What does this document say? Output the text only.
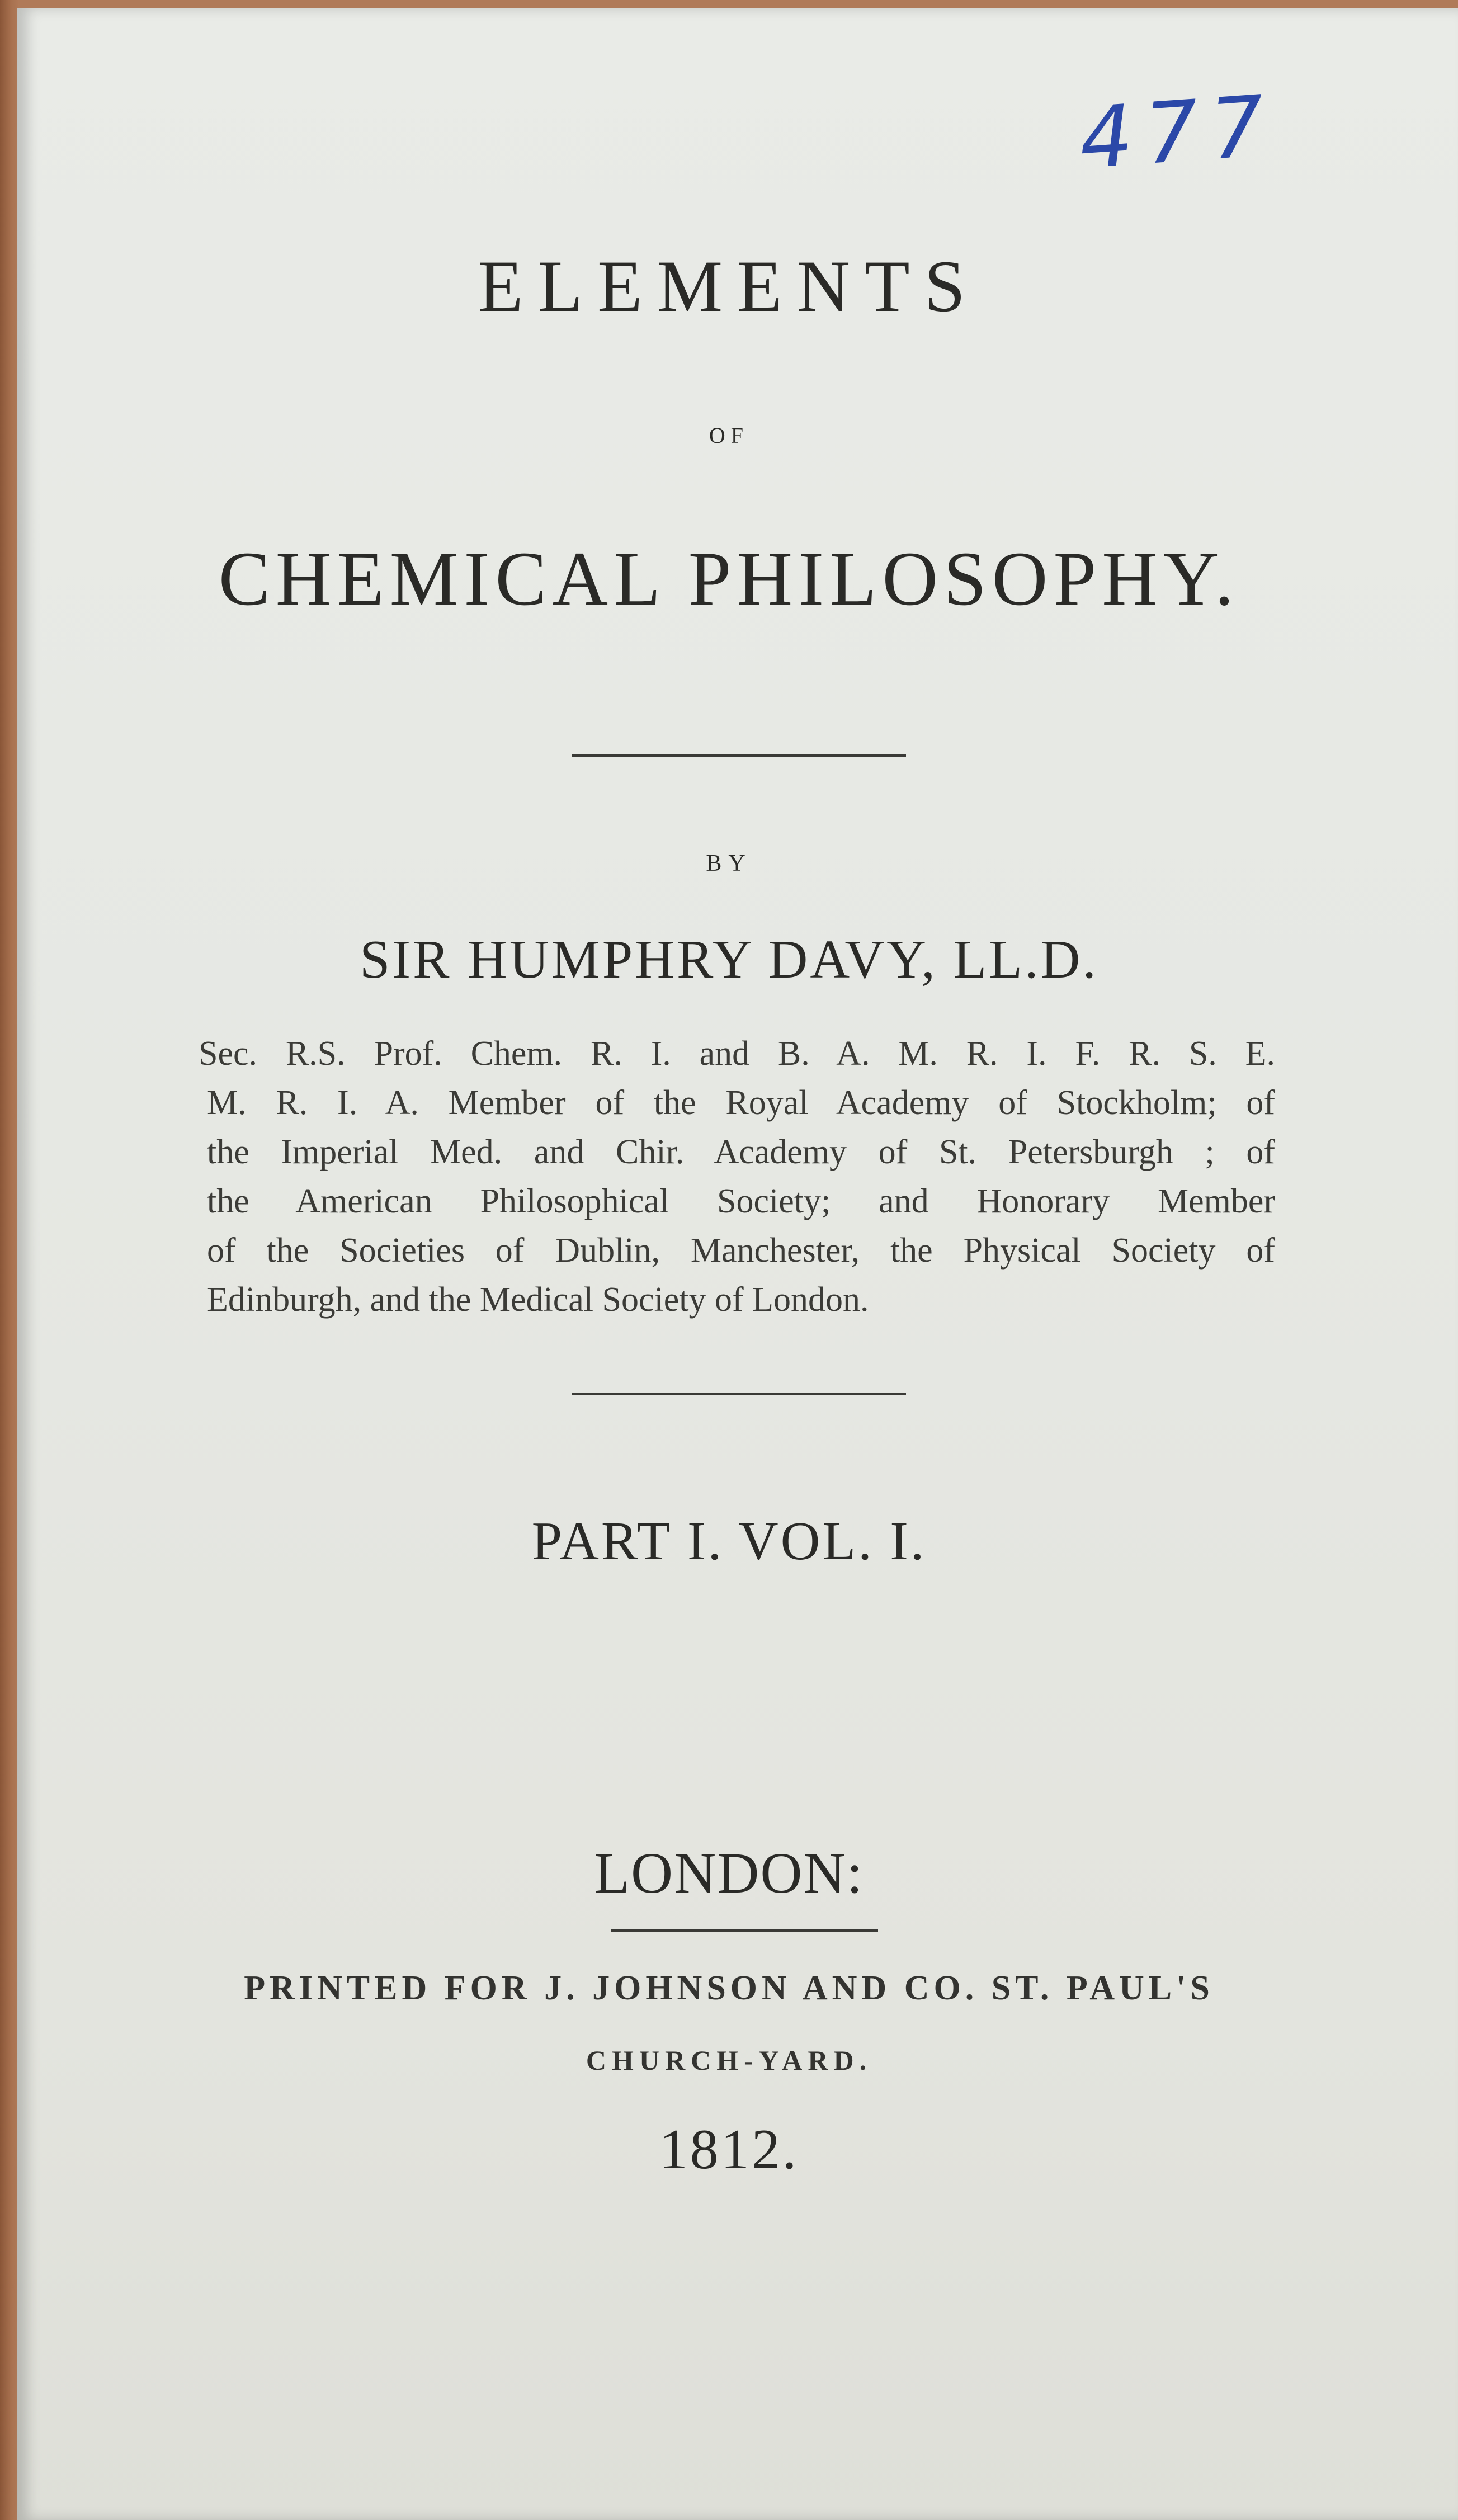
477
ELEMENTS
OF
CHEMICAL PHILOSOPHY.
BY
SIR HUMPHRY DAVY, LL.D.
Sec. R.S. Prof. Chem. R. I. and B. A. M. R. I. F. R. S. E.
M. R. I. A. Member of the Royal Academy of Stockholm; of
the Imperial Med. and Chir. Academy of St. Petersburgh ; of
the American Philosophical Society; and Honorary Member
of the Societies of Dublin, Manchester, the Physical Society of
Edinburgh, and the Medical Society of London.
PART I. VOL. I.
LONDON:
PRINTED FOR J. JOHNSON AND CO. ST. PAUL'S
CHURCH-YARD.
1812.
